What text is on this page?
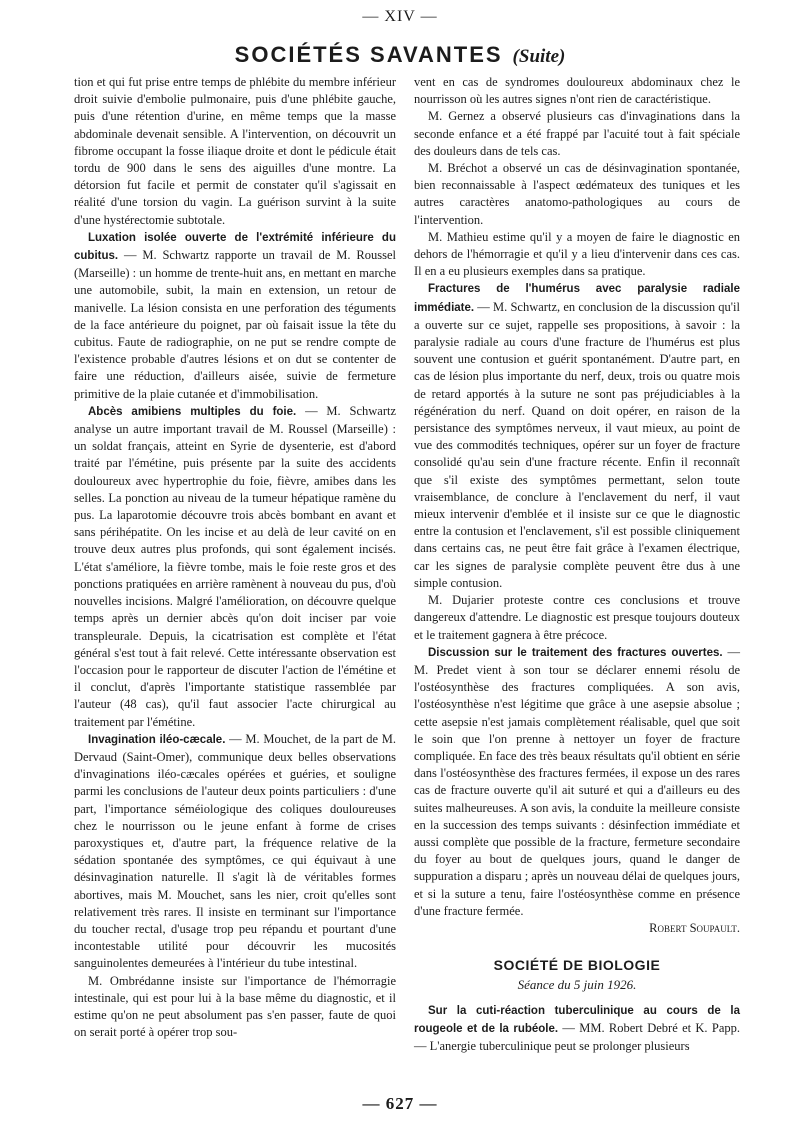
— XIV —
SOCIÉTÉS SAVANTES (Suite)

tion et qui fut prise entre temps de phlébite du membre inférieur droit suivie d'embolie pulmonaire, puis d'une phlébite gauche, puis d'une rétention d'urine, en même temps que la masse abdominale devenait sensible. A l'intervention, on découvrit un fibrome occupant la fosse iliaque droite et dont le pédicule était tordu de 900 dans le sens des aiguilles d'une montre. La détorsion fut facile et permit de constater qu'il s'agissait en réalité d'une torsion du vagin. La guérison survint à la suite d'une hystérectomie subtotale.

Luxation isolée ouverte de l'extrémité inférieure du cubitus. — M. Schwartz rapporte un travail de M. Roussel (Marseille) : un homme de trente-huit ans, en mettant en marche une automobile, subit, la main en extension, un retour de manivelle. La lésion consista en une perforation des téguments de la face antérieure du poignet, par où faisait issue la tête du cubitus. Faute de radiographie, on ne put se rendre compte de l'existence probable d'autres lésions et on dut se contenter de faire une réduction, d'ailleurs aisée, suivie de fermeture primitive de la plaie cutanée et d'immobilisation.

Abcès amibiens multiples du foie. — M. Schwartz analyse un autre important travail de M. Roussel (Marseille) : un soldat français, atteint en Syrie de dysenterie, est d'abord traité par l'émétine, puis présente par la suite des accidents douloureux avec hypertrophie du foie, fièvre, amibes dans les selles. La ponction au niveau de la tumeur hépatique ramène du pus. La laparotomie découvre trois abcès bombant en avant et sans périhépatite. On les incise et au delà de leur cavité on en trouve deux autres plus profonds, qui sont également incisés. L'état s'améliore, la fièvre tombe, mais le foie reste gros et des ponctions pratiquées en arrière ramènent à nouveau du pus, d'où nouvelles incisions. Malgré l'amélioration, on découvre quelque temps après un dernier abcès qu'on doit inciser par voie transpleurale. Depuis, la cicatrisation est complète et l'état général s'est tout à fait relevé. Cette intéressante observation est l'occasion pour le rapporteur de discuter l'action de l'émétine et il conclut, d'après l'importante statistique rassemblée par l'auteur (48 cas), qu'il faut associer l'acte chirurgical au traitement par l'émétine.

Invagination iléo-cæcale. — M. Mouchet, de la part de M. Dervaud (Saint-Omer), communique deux belles observations d'invaginations iléo-cæcales opérées et guéries, et souligne parmi les conclusions de l'auteur deux points particuliers : d'une part, l'importance séméiologique des coliques douloureuses chez le nourrisson ou le jeune enfant à forme de crises paroxystiques et, d'autre part, la fréquence relative de la sédation spontanée des symptômes, ce qui équivaut à une désinvagination naturelle. Il s'agit là de véritables formes abortives, mais M. Mouchet, sans les nier, croit qu'elles sont relativement très rares. Il insiste en terminant sur l'importance du toucher rectal, d'usage trop peu répandu et pourtant d'une incontestable utilité pour découvrir les mucosités sanguinolentes demeurées à l'intérieur du tube intestinal.

M. Ombrédanne insiste sur l'importance de l'hémorragie intestinale, qui est pour lui à la base même du diagnostic, et il estime qu'on ne peut absolument pas s'en passer, faute de quoi on serait porté à opérer trop sou-

vent en cas de syndromes douloureux abdominaux chez le nourrisson où les autres signes n'ont rien de caractéristique.

M. Gernez a observé plusieurs cas d'invaginations dans la seconde enfance et a été frappé par l'acuité tout à fait spéciale des douleurs dans de tels cas.

M. Bréchot a observé un cas de désinvagination spontanée, bien reconnaissable à l'aspect œdémateux des tuniques et les autres caractères anatomo-pathologiques au cours de l'intervention.

M. Mathieu estime qu'il y a moyen de faire le diagnostic en dehors de l'hémorragie et qu'il y a lieu d'intervenir dans ces cas. Il en a eu plusieurs exemples dans sa pratique.

Fractures de l'humérus avec paralysie radiale immédiate. — M. Schwartz, en conclusion de la discussion qu'il a ouverte sur ce sujet, rappelle ses propositions, à savoir : la paralysie radiale au cours d'une fracture de l'humérus est plus souvent une contusion et guérit spontanément. D'autre part, en cas de lésion plus importante du nerf, deux, trois ou quatre mois de retard apportés à la suture ne sont pas préjudiciables à la régénération du nerf. Quand on doit opérer, en raison de la persistance des symptômes nerveux, il vaut mieux, au point de vue des commodités techniques, opérer sur un foyer de fracture consolidé qu'au sein d'une fracture récente. Enfin il reconnaît que s'il existe des symptômes permettant, selon toute vraisemblance, de conclure à l'enclavement du nerf, il vaut mieux intervenir d'emblée et il insiste sur ce que le diagnostic entre la contusion et l'enclavement, s'il est possible cliniquement dans certains cas, ne peut être fait grâce à l'examen électrique, car les signes de paralysie complète peuvent être dus à une simple contusion.

M. Dujarier proteste contre ces conclusions et trouve dangereux d'attendre. Le diagnostic est presque toujours douteux et le traitement gagnera à être précoce.

Discussion sur le traitement des fractures ouvertes. — M. Predet vient à son tour se déclarer ennemi résolu de l'ostéosynthèse des fractures compliquées. A son avis, l'ostéosynthèse n'est légitime que grâce à une asepsie absolue ; cette asepsie n'est jamais complètement réalisable, quel que soit le soin que l'on prenne à nettoyer un foyer de fracture compliquée. En face des très beaux résultats qu'il obtient en série dans l'ostéosynthèse des fractures fermées, il expose un des rares cas de fracture ouverte qu'il ait suturé et qui a d'ailleurs eu des suites malheureuses. A son avis, la conduite la meilleure consiste en la succession des temps suivants : désinfection immédiate et aussi complète que possible de la fracture, fermeture secondaire du foyer au bout de quelques jours, quand le danger de suppuration a disparu ; après un nouveau délai de quelques jours, et si la suture a tenu, faire l'ostéosynthèse comme en présence d'une fracture fermée.

Robert Soupault.

SOCIÉTÉ DE BIOLOGIE
Séance du 5 juin 1926.

Sur la cuti-réaction tuberculinique au cours de la rougeole et de la rubéole. — MM. Robert Debré et K. Papp. — L'anergie tuberculinique peut se prolonger plusieurs

— 627 —
